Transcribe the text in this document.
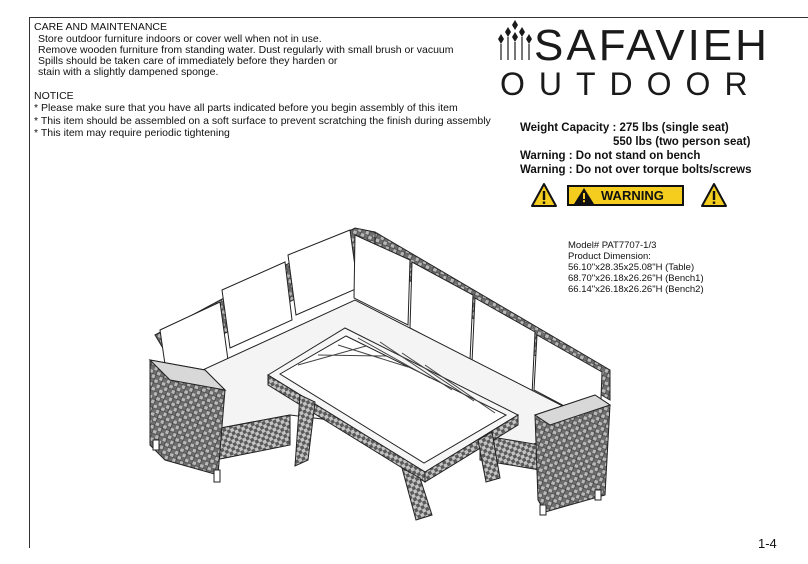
CARE AND MAINTENANCE
Store outdoor furniture indoors or cover well when not in use.
Remove wooden furniture from standing water. Dust regularly with small brush or vacuum
Spills should be taken care of immediately before they harden or
stain with a slightly dampened sponge.
NOTICE
* Please make sure that you have all parts indicated before you begin assembly of this item
* This item should be assembled on a soft surface to prevent scratching the finish during assembly
* This item may require periodic tightening
SAFAVIEH
OUTDOOR
Weight Capacity : 275 lbs (single seat)
550 lbs (two person seat)
Warning : Do not stand on bench
Warning : Do not over torque bolts/screws
WARNING
Model# PAT7707-1/3
Product Dimension:
56.10"x28.35x25.08"H (Table)
68.70"x26.18x26.26"H (Bench1)
66.14"x26.18x26.26"H (Bench2)
1-4
